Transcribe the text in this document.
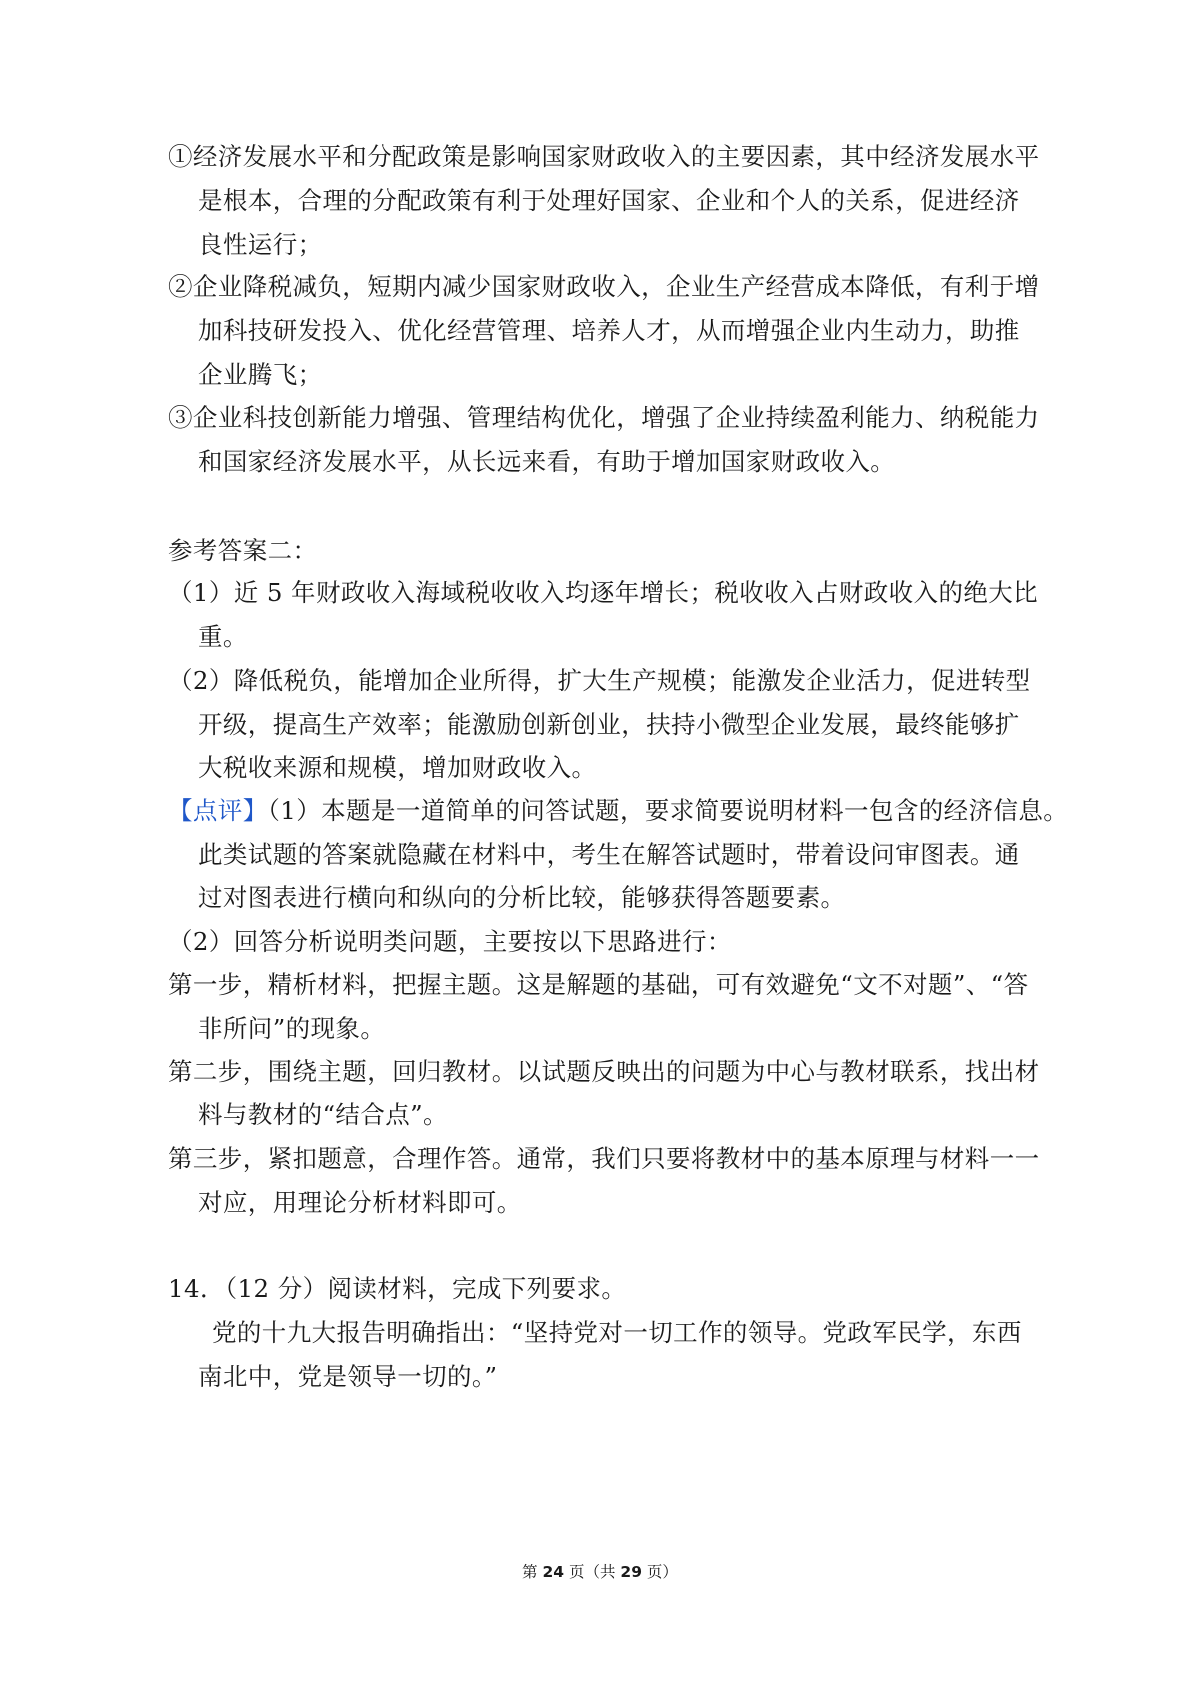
①经济发展水平和分配政策是影响国家财政收入的主要因素，其中经济发展水平
是根本，合理的分配政策有利于处理好国家、企业和个人的关系，促进经济
良性运行；
②企业降税减负，短期内减少国家财政收入，企业生产经营成本降低，有利于增
加科技研发投入、优化经营管理、培养人才，从而增强企业内生动力，助推
企业腾飞；
③企业科技创新能力增强、管理结构优化，增强了企业持续盈利能力、纳税能力
和国家经济发展水平，从长远来看，有助于增加国家财政收入。
参考答案二：
（1）近 5 年财政收入海域税收收入均逐年增长；税收收入占财政收入的绝大比
重。
（2）降低税负，能增加企业所得，扩大生产规模；能激发企业活力，促进转型
开级，提高生产效率；能激励创新创业，扶持小微型企业发展，最终能够扩
大税收来源和规模，增加财政收入。
【点评】（1）本题是一道简单的问答试题，要求简要说明材料一包含的经济信息。
此类试题的答案就隐藏在材料中，考生在解答试题时，带着设问审图表。通
过对图表进行横向和纵向的分析比较，能够获得答题要素。
（2）回答分析说明类问题，主要按以下思路进行：
第一步，精析材料，把握主题。这是解题的基础，可有效避免“文不对题”、“答
非所问”的现象。
第二步，围绕主题，回归教材。以试题反映出的问题为中心与教材联系，找出材
料与教材的“结合点”。
第三步，紧扣题意，合理作答。通常，我们只要将教材中的基本原理与材料一一
对应，用理论分析材料即可。
14．（12 分）阅读材料，完成下列要求。
党的十九大报告明确指出：“坚持党对一切工作的领导。党政军民学，东西
南北中，党是领导一切的。”
第 24 页（共 29 页）
